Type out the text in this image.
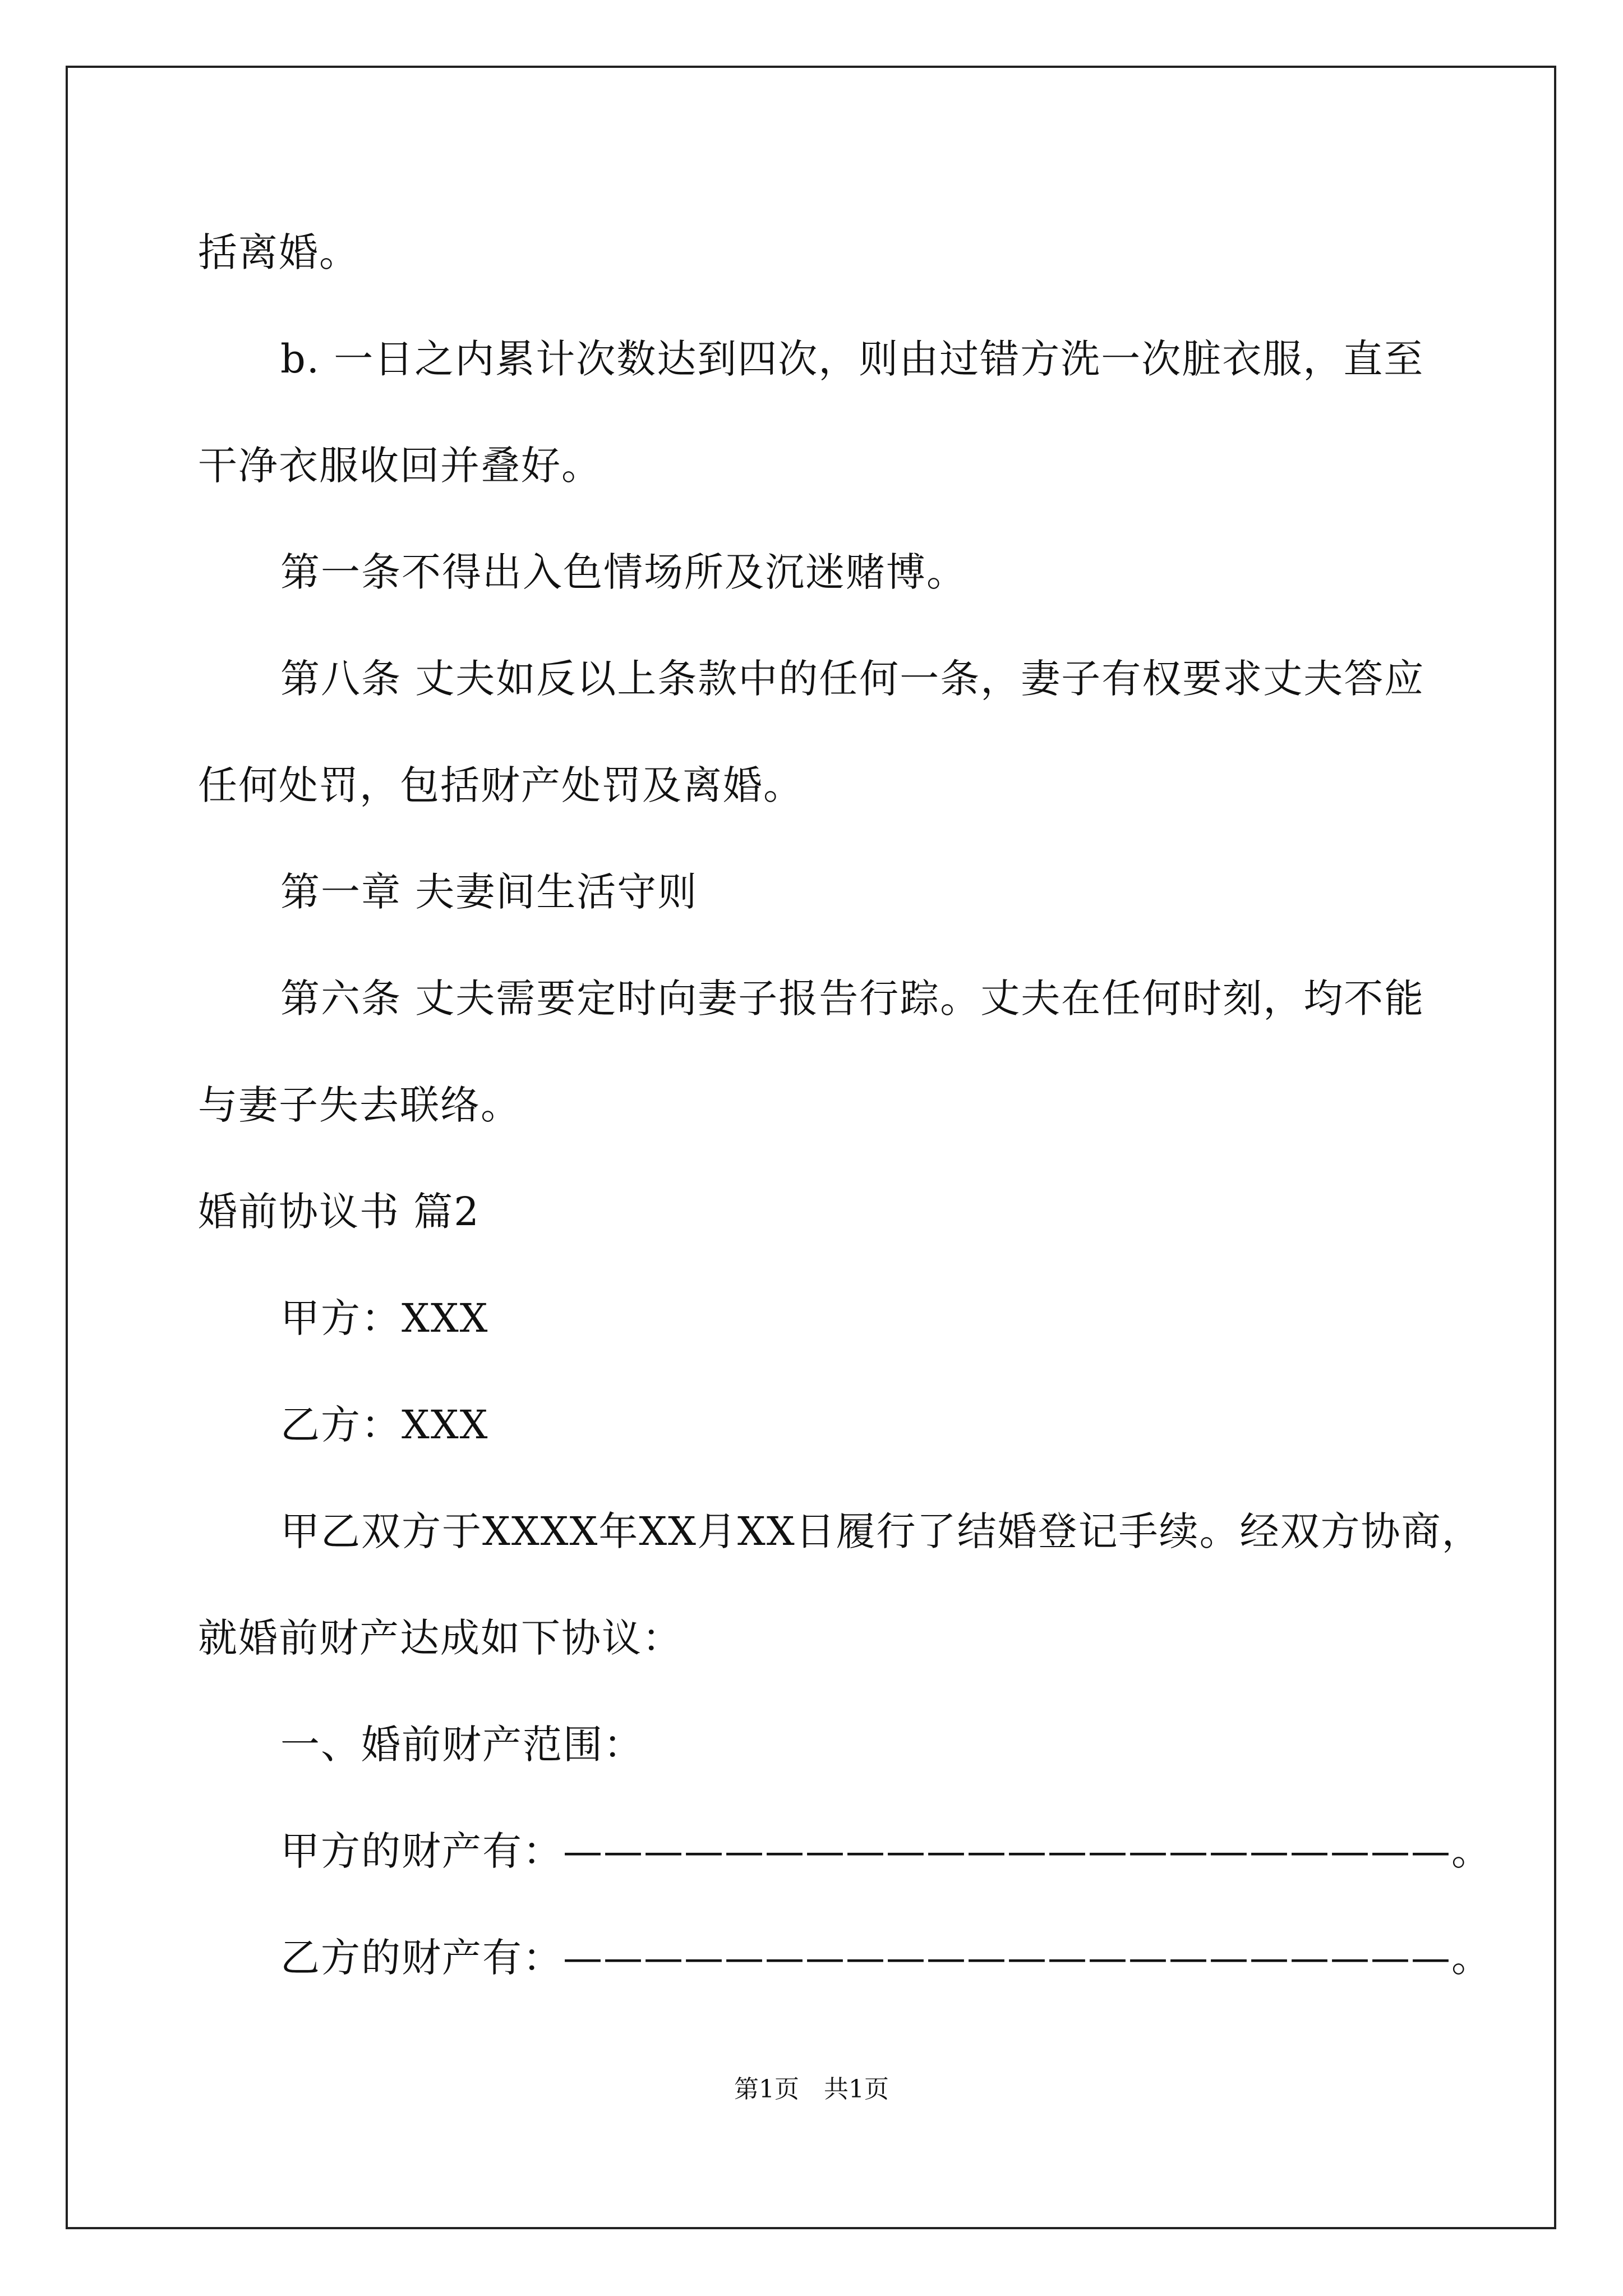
括离婚。
b. 一日之内累计次数达到四次，则由过错方洗一次脏衣服，直至
干净衣服收回并叠好。
第一条不得出入色情场所及沉迷赌博。
第八条 丈夫如反以上条款中的任何一条，妻子有权要求丈夫答应
任何处罚，包括财产处罚及离婚。
第一章 夫妻间生活守则
第六条 丈夫需要定时向妻子报告行踪。丈夫在任何时刻，均不能
与妻子失去联络。
婚前协议书 篇2
甲方：XXX
乙方：XXX
甲乙双方于XXXX年XX月XX日履行了结婚登记手续。经双方协商，
就婚前财产达成如下协议：
一、婚前财产范围：
甲方的财产有：——————————————————————。
乙方的财产有：——————————————————————。
第1页　共1页
